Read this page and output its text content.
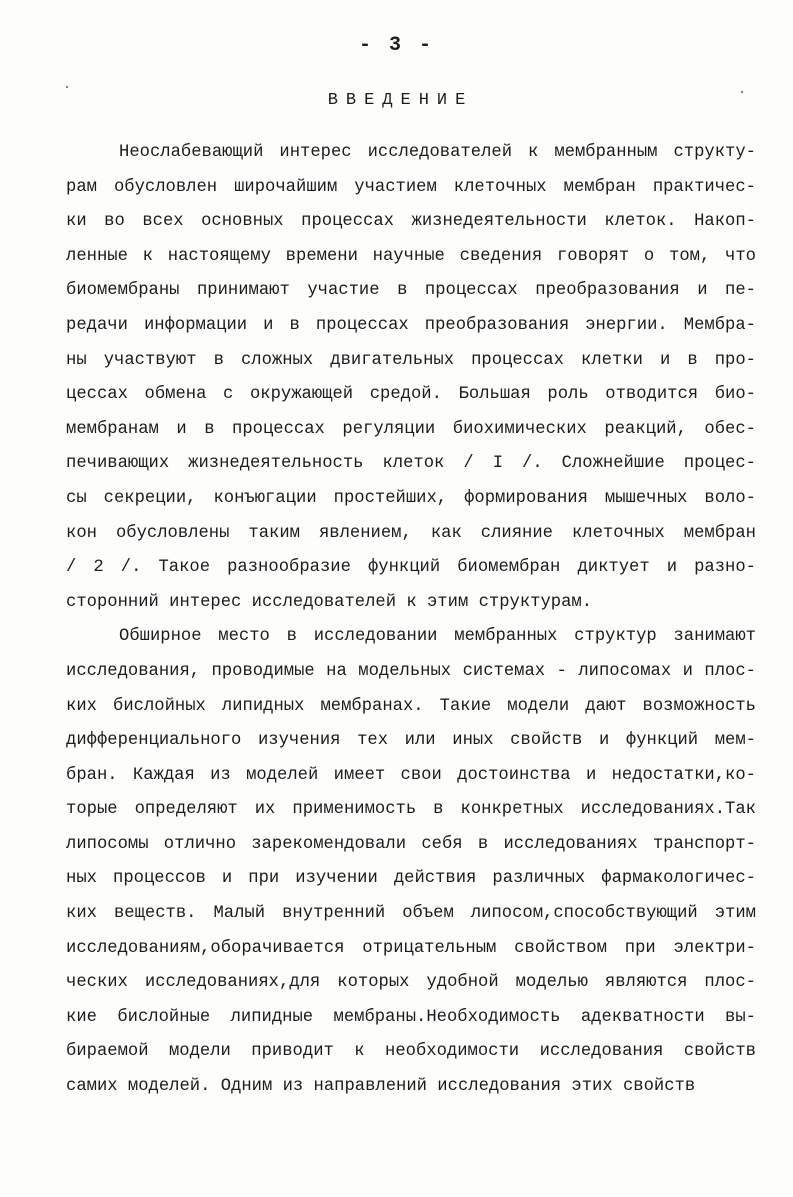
- 3 -
ВВЕДЕНИЕ
Неослабевающий интерес исследователей к мембранным структу-
рам обусловлен широчайшим участием клеточных мембран практичес-
ки во всех основных процессах жизнедеятельности клеток. Накоп-
ленные к настоящему времени научные сведения говорят о том, что
биомембраны принимают участие в процессах преобразования и пе-
редачи информации и в процессах преобразования энергии. Мембра-
ны участвуют в сложных двигательных процессах клетки и в про-
цессах обмена с окружающей средой. Большая роль отводится био-
мембранам и в процессах регуляции биохимических реакций, обес-
печивающих жизнедеятельность клеток / I /. Сложнейшие процес-
сы секреции, конъюгации простейших, формирования мышечных воло-
кон обусловлены таким явлением, как слияние клеточных мембран
/ 2 /. Такое разнообразие функций биомембран диктует и разно-
сторонний интерес исследователей к этим структурам.
Обширное место в исследовании мембранных структур занимают
исследования, проводимые на модельных системах - липосомах и плос-
ких бислойных липидных мембранах. Такие модели дают возможность
дифференциального изучения тех или иных свойств и функций мем-
бран. Каждая из моделей имеет свои достоинства и недостатки,ко-
торые определяют их применимость в конкретных исследованиях.Так
липосомы отлично зарекомендовали себя в исследованиях транспорт-
ных процессов и при изучении действия различных фармакологичес-
ких веществ. Малый внутренний объем липосом,способствующий этим
исследованиям,оборачивается отрицательным свойством при электри-
ческих исследованиях,для которых удобной моделью являются плос-
кие бислойные липидные мембраны.Необходимость адекватности вы-
бираемой модели приводит к необходимости исследования свойств
самих моделей. Одним из направлений исследования этих свойств
